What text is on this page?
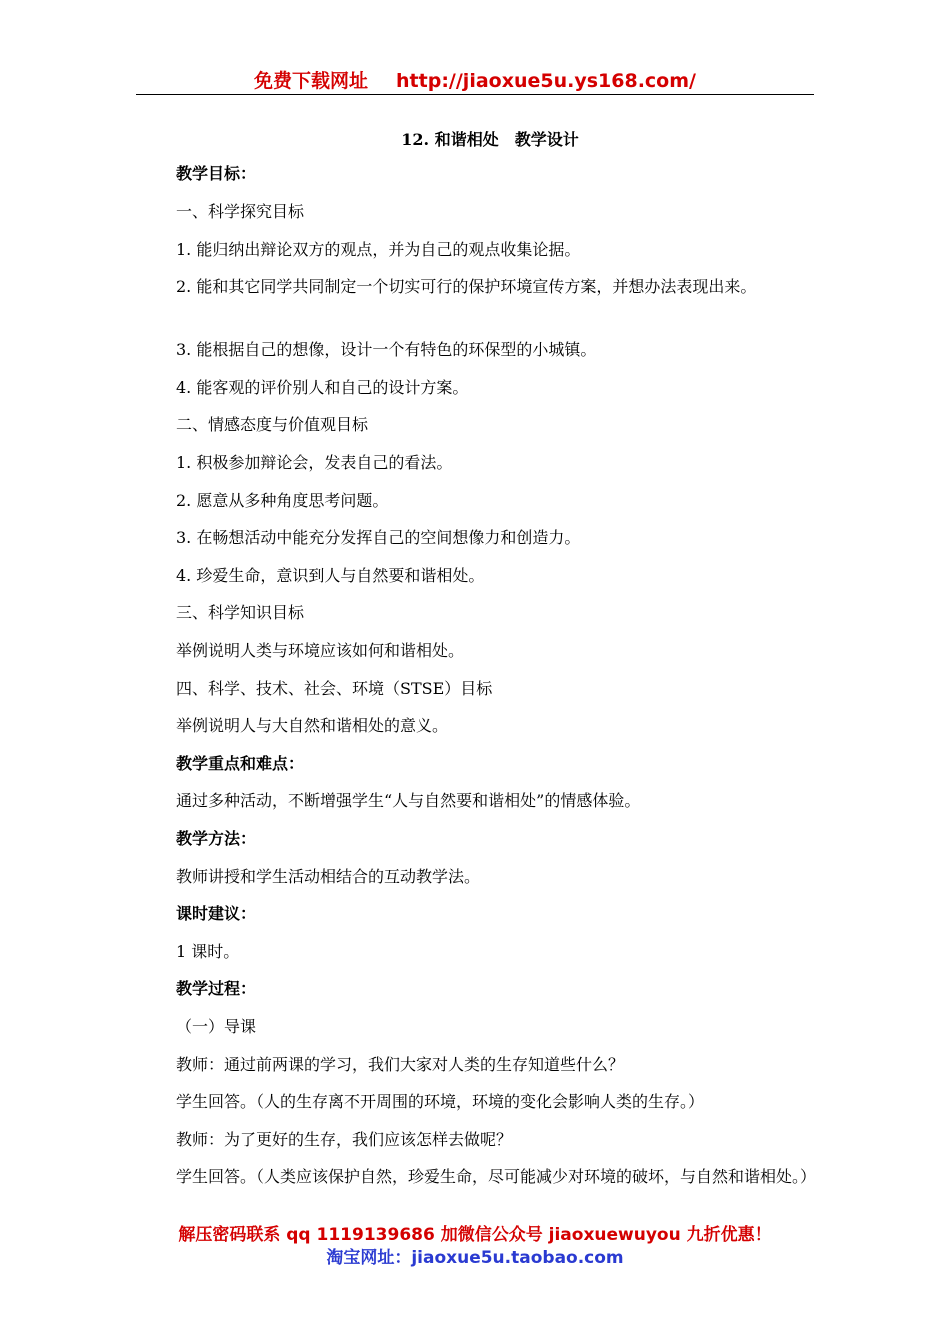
免费下载网址 http://jiaoxue5u.ys168.com/
12. 和谐相处　教学设计
教学目标：
一、科学探究目标
1. 能归纳出辩论双方的观点，并为自己的观点收集论据。
2. 能和其它同学共同制定一个切实可行的保护环境宣传方案，并想办法表现出来。
3. 能根据自己的想像，设计一个有特色的环保型的小城镇。
4. 能客观的评价别人和自己的设计方案。
二、情感态度与价值观目标
1. 积极参加辩论会，发表自己的看法。
2. 愿意从多种角度思考问题。
3. 在畅想活动中能充分发挥自己的空间想像力和创造力。
4. 珍爱生命，意识到人与自然要和谐相处。
三、科学知识目标
举例说明人类与环境应该如何和谐相处。
四、科学、技术、社会、环境（STSE）目标
举例说明人与大自然和谐相处的意义。
教学重点和难点：
通过多种活动，不断增强学生“人与自然要和谐相处”的情感体验。
教学方法：
教师讲授和学生活动相结合的互动教学法。
课时建议：
1 课时。
教学过程：
（一）导课
教师：通过前两课的学习，我们大家对人类的生存知道些什么？
学生回答。（人的生存离不开周围的环境，环境的变化会影响人类的生存。）
教师：为了更好的生存，我们应该怎样去做呢？
学生回答。（人类应该保护自然，珍爱生命，尽可能减少对环境的破坏，与自然和谐相处。）
解压密码联系 qq 1119139686 加微信公众号 jiaoxuewuyou 九折优惠！
淘宝网址：jiaoxue5u.taobao.com
